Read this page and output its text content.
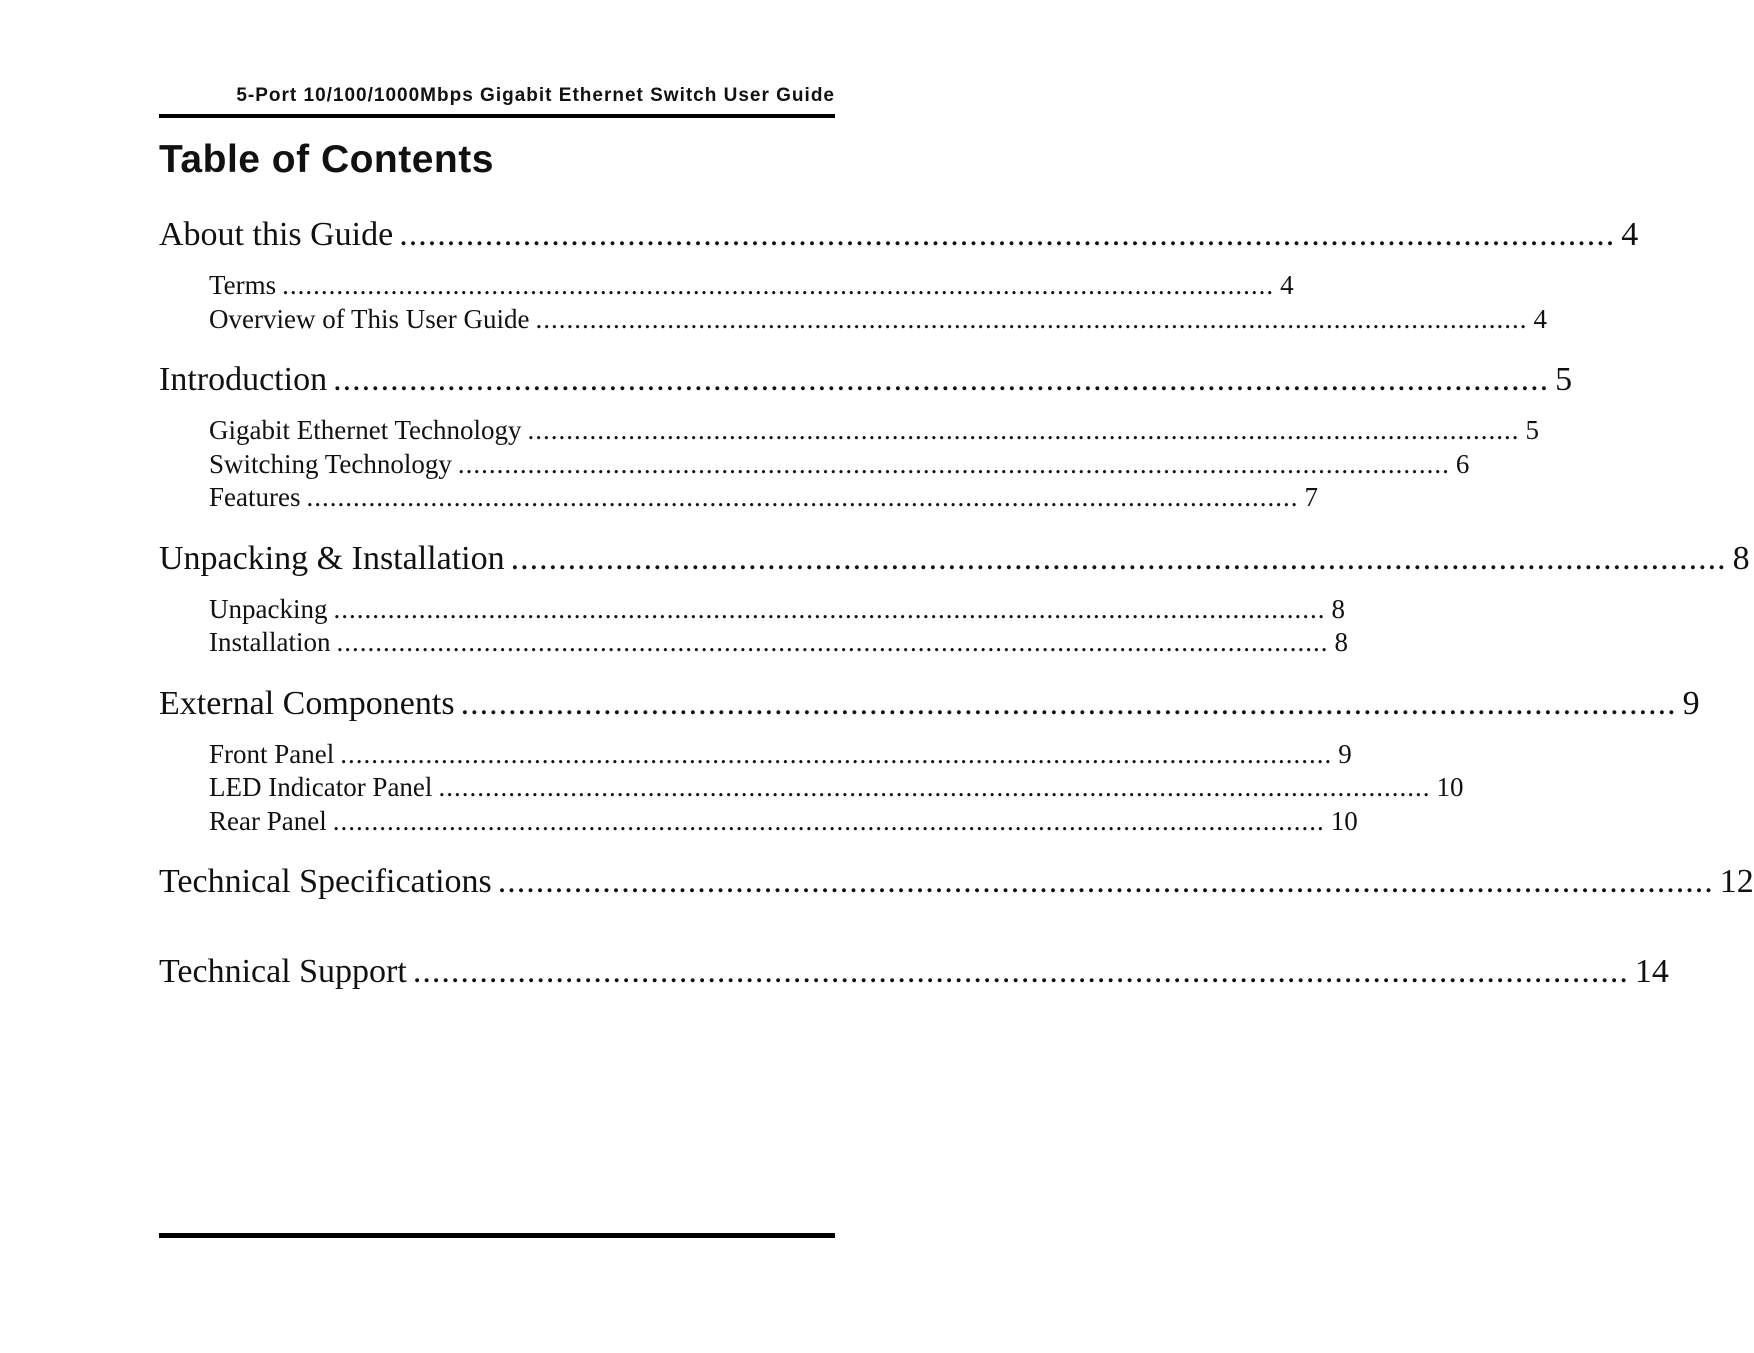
5-Port 10/100/1000Mbps Gigabit Ethernet Switch User Guide
Table of Contents
About this Guide ................................................................................................................................ 4
Terms ................................................................................................................................ 4
Overview of This User Guide ................................................................................................................................ 4
Introduction ................................................................................................................................ 5
Gigabit Ethernet Technology ................................................................................................................................ 5
Switching Technology ................................................................................................................................ 6
Features ................................................................................................................................ 7
Unpacking & Installation ................................................................................................................................ 8
Unpacking ................................................................................................................................ 8
Installation ................................................................................................................................ 8
External Components ................................................................................................................................ 9
Front Panel ................................................................................................................................ 9
LED Indicator Panel ................................................................................................................................ 10
Rear Panel ................................................................................................................................ 10
Technical Specifications ................................................................................................................................ 12
Technical Support ................................................................................................................................ 14
